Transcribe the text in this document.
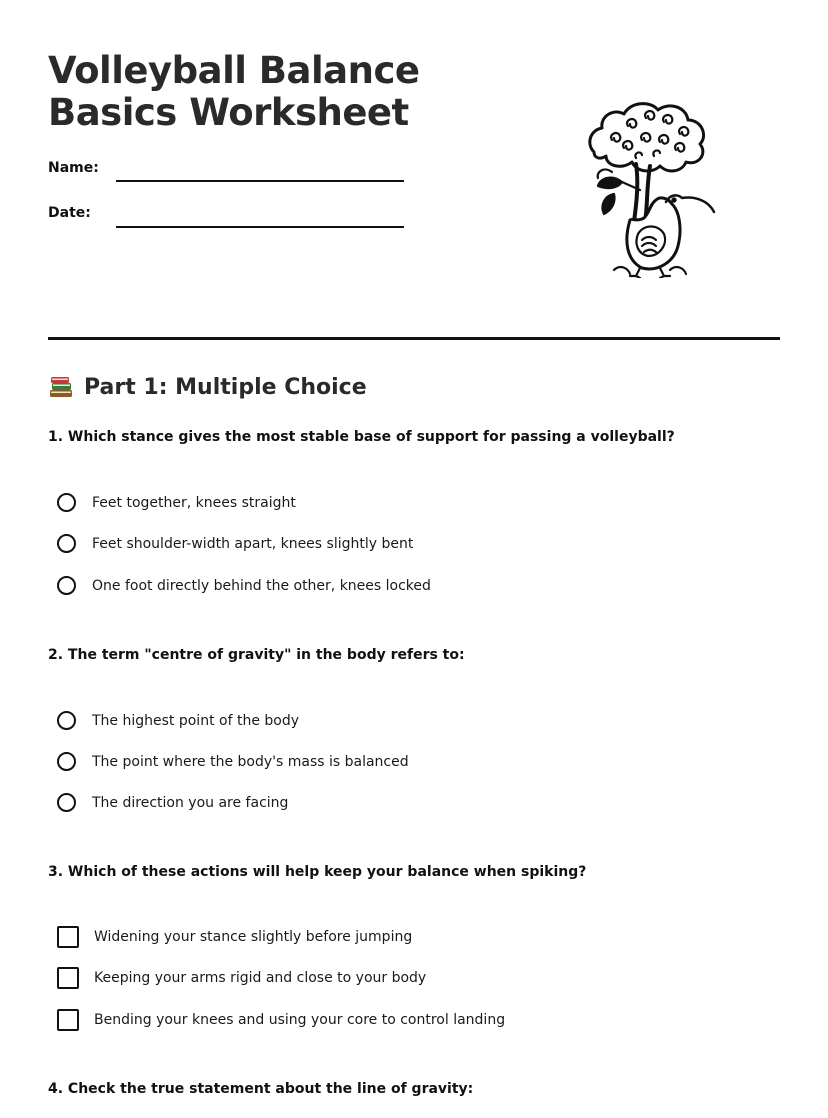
Volleyball Balance
Basics Worksheet
Name:
Date:
Part 1: Multiple Choice
1. Which stance gives the most stable base of support for passing a volleyball?
Feet together, knees straight
Feet shoulder-width apart, knees slightly bent
One foot directly behind the other, knees locked
2. The term "centre of gravity" in the body refers to:
The highest point of the body
The point where the body's mass is balanced
The direction you are facing
3. Which of these actions will help keep your balance when spiking?
Widening your stance slightly before jumping
Keeping your arms rigid and close to your body
Bending your knees and using your core to control landing
4. Check the true statement about the line of gravity:
